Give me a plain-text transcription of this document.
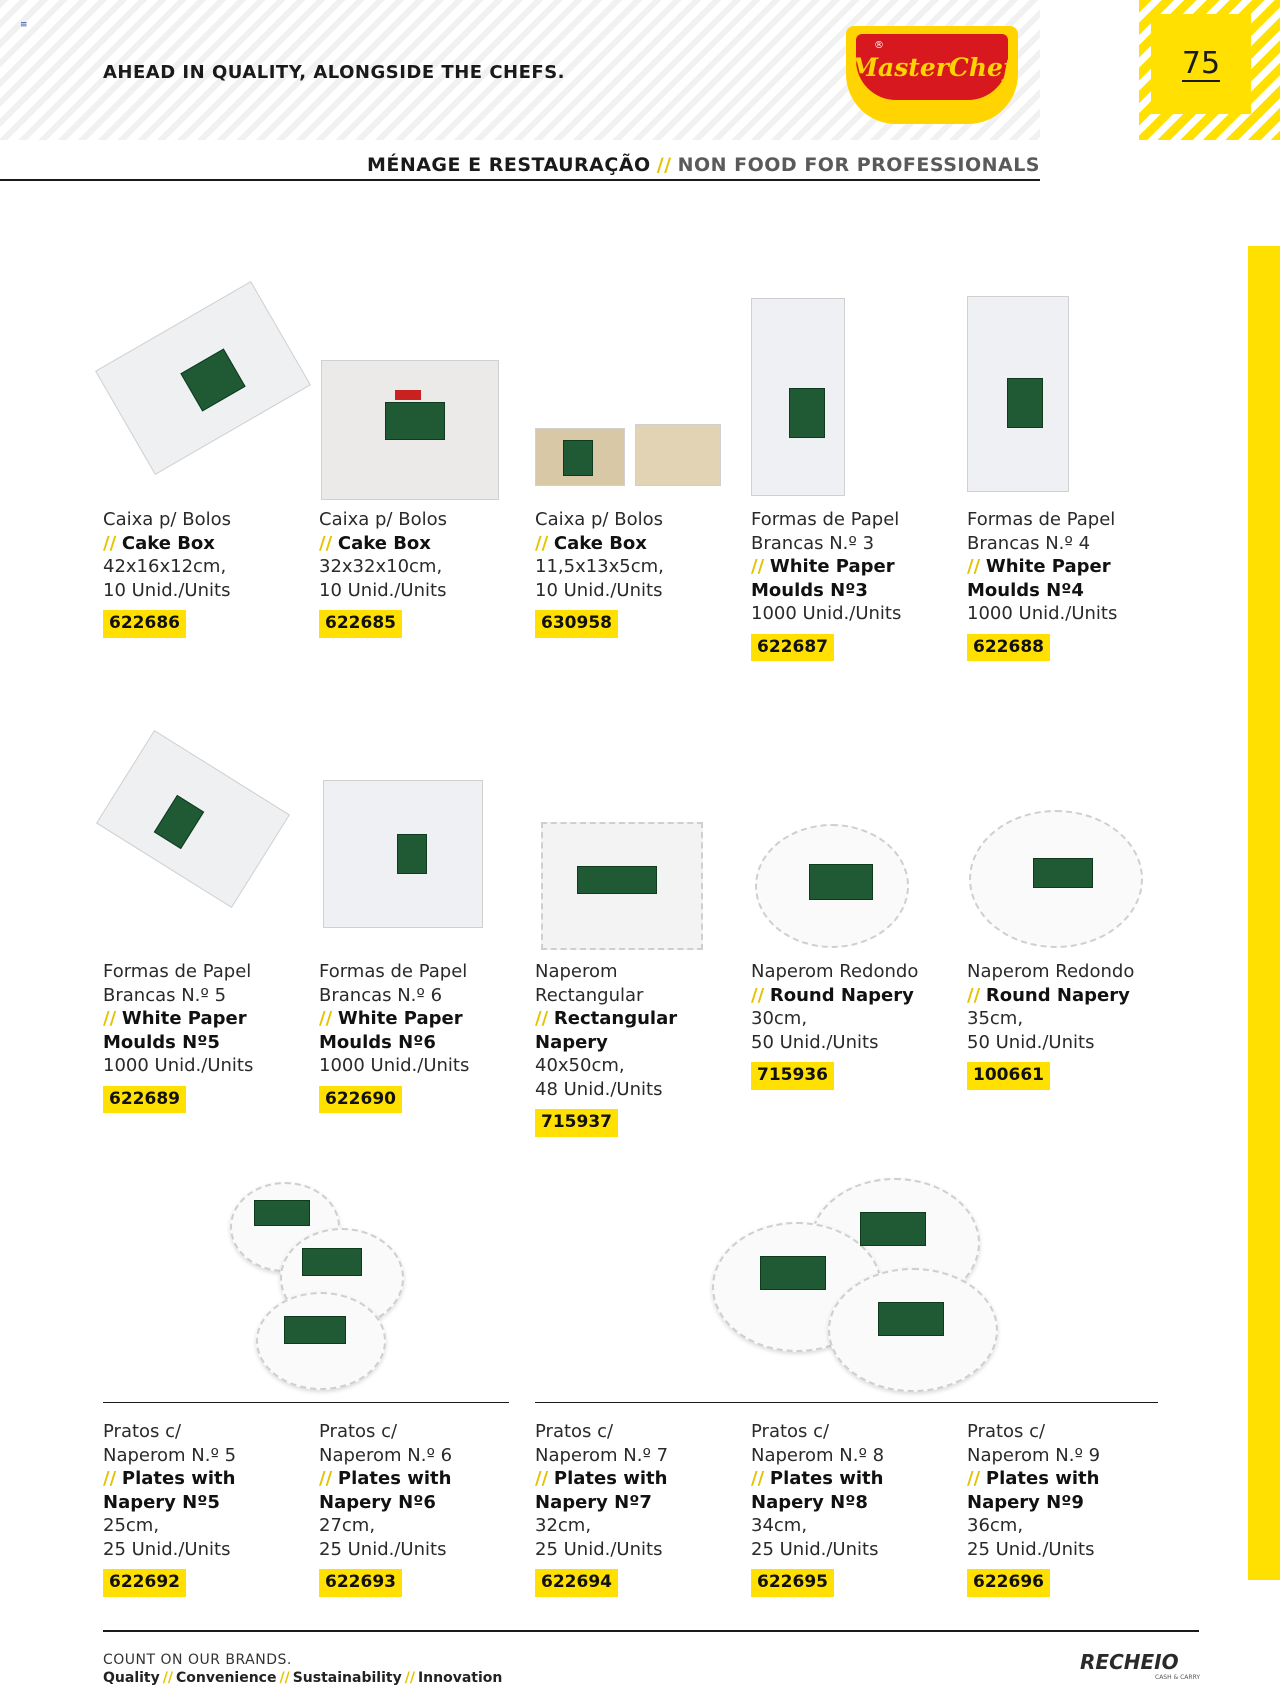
≡
AHEAD IN QUALITY, ALONGSIDE THE CHEFS.
®
MasterChef	75
MÉNAGE E RESTAURAÇÃO // NON FOOD FOR PROFESSIONALS
Caixa p/ Bolos
// Cake Box
42x16x12cm,
10 Unid./Units
622686
Caixa p/ Bolos
// Cake Box
32x32x10cm,
10 Unid./Units
622685
Caixa p/ Bolos
// Cake Box
11,5x13x5cm,
10 Unid./Units
630958
Formas de Papel Brancas N.º 3
// White Paper Moulds Nº3
1000 Unid./Units
622687
Formas de Papel Brancas N.º 4
// White Paper Moulds Nº4
1000 Unid./Units
622688
Formas de Papel Brancas N.º 5
// White Paper Moulds Nº5
1000 Unid./Units
622689
Formas de Papel Brancas N.º 6
// White Paper Moulds Nº6
1000 Unid./Units
622690
Naperom Rectangular
// Rectangular Napery
40x50cm,
48 Unid./Units
715937
Naperom Redondo
// Round Napery
30cm,
50 Unid./Units
715936
Naperom Redondo
// Round Napery
35cm,
50 Unid./Units
100661
Pratos c/ Naperom N.º 5
// Plates with Napery Nº5
25cm,
25 Unid./Units
622692
Pratos c/ Naperom N.º 6
// Plates with Napery Nº6
27cm,
25 Unid./Units
622693
Pratos c/ Naperom N.º 7
// Plates with Napery Nº7
32cm,
25 Unid./Units
622694
Pratos c/ Naperom N.º 8
// Plates with Napery Nº8
34cm,
25 Unid./Units
622695
Pratos c/ Naperom N.º 9
// Plates with Napery Nº9
36cm,
25 Unid./Units
622696
COUNT ON OUR BRANDS.
Quality // Convenience // Sustainability // Innovation
RECHEIO
CASH & CARRY
